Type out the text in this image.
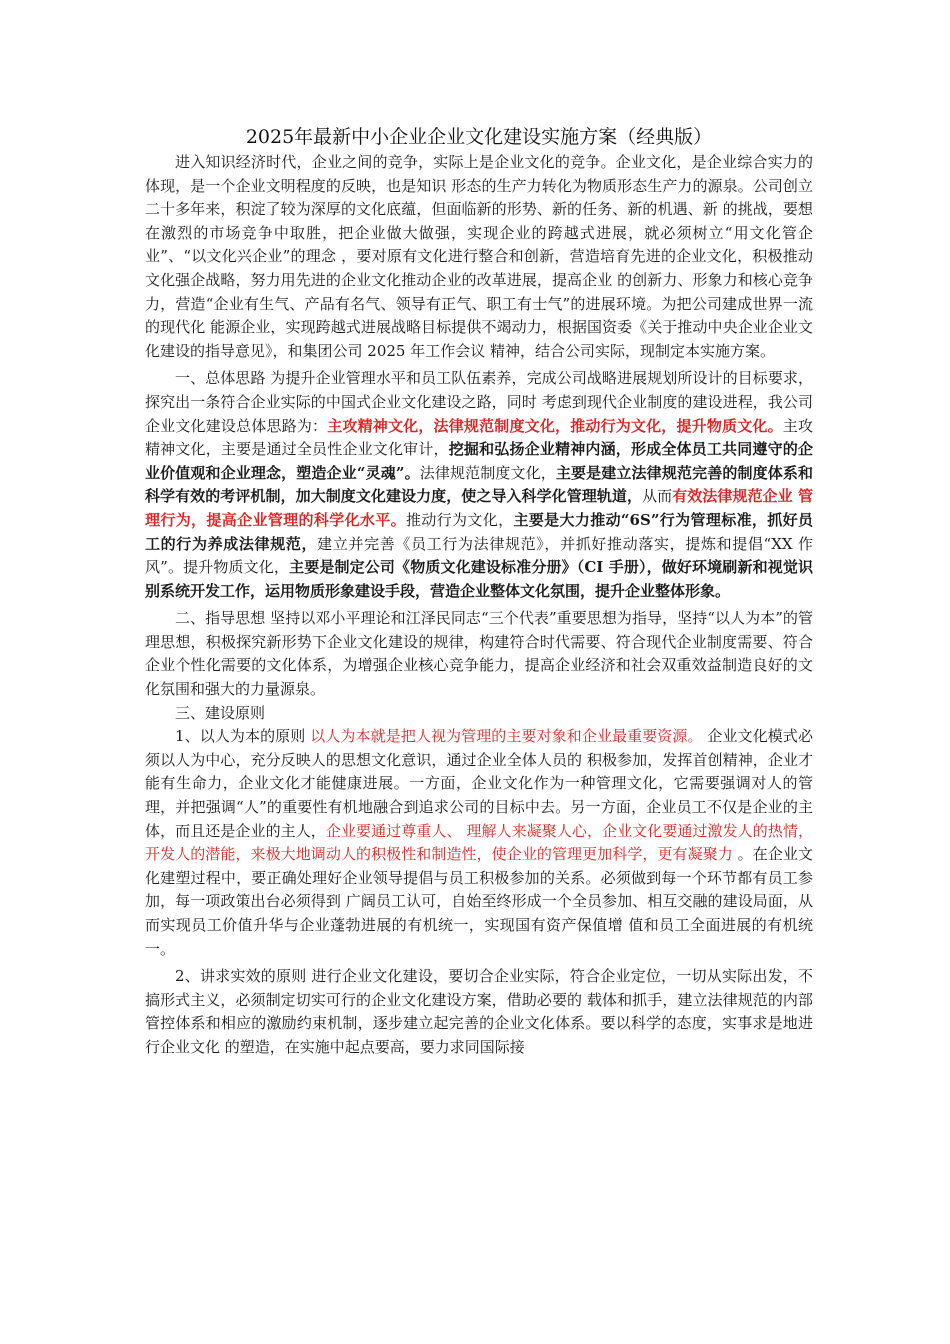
2025年最新中小企业企业文化建设实施方案（经典版）

进入知识经济时代，企业之间的竞争，实际上是企业文化的竞争。企业文化，是企业综合实力的体现，是一个企业文明程度的反映，也是知识 形态的生产力转化为物质形态生产力的源泉。公司创立二十多年来，积淀了较为深厚的文化底蕴，但面临新的形势、新的任务、新的机遇、新 的挑战，要想在激烈的市场竞争中取胜，把企业做大做强，实现企业的跨越式进展，就必须树立“用文化管企业”、“以文化兴企业”的理念 ，要对原有文化进行整合和创新，营造培育先进的企业文化，积极推动文化强企战略，努力用先进的企业文化推动企业的改革进展，提高企业 的创新力、形象力和核心竞争力，营造“企业有生气、产品有名气、领导有正气、职工有士气”的进展环境。为把公司建成世界一流的现代化 能源企业，实现跨越式进展战略目标提供不竭动力，根据国资委《关于推动中央企业企业文化建设的指导意见》，和集团公司 2025 年工作会议 精神，结合公司实际，现制定本实施方案。

一、总体思路 为提升企业管理水平和员工队伍素养，完成公司战略进展规划所设计的目标要求，探究出一条符合企业实际的中国式企业文化建设之路，同时 考虑到现代企业制度的建设进程，我公司企业文化建设总体思路为：主攻精神文化，法律规范制度文化，推动行为文化，提升物质文化。主攻精神文化，主要是通过全员性企业文化审计，挖掘和弘扬企业精神内涵，形成全体员工共同遵守的企业价值观和企业理念，塑造企业“灵魂”。法律规范制度文化，主要是建立法律规范完善的制度体系和科学有效的考评机制，加大制度文化建设力度，使之导入科学化管理轨道，从而有效法律规范企业 管理行为，提高企业管理的科学化水平。推动行为文化，主要是大力推动“6S”行为管理标准，抓好员工的行为养成法律规范，建立并完善《员工行为法律规范》，并抓好推动落实，提炼和提倡“XX 作风”。提升物质文化，主要是制定公司《物质文化建设标准分册》（CI 手册），做好环境刷新和视觉识别系统开发工作，运用物质形象建设手段，营造企业整体文化氛围，提升企业整体形象。

二、指导思想 坚持以邓小平理论和江泽民同志“三个代表”重要思想为指导，坚持“以人为本”的管理思想，积极探究新形势下企业文化建设的规律，构建符合时代需要、符合现代企业制度需要、符合企业个性化需要的文化体系，为增强企业核心竞争能力，提高企业经济和社会双重效益制造良好的文化氛围和强大的力量源泉。

三、建设原则

1、以人为本的原则 以人为本就是把人视为管理的主要对象和企业最重要资源。 企业文化模式必须以人为中心，充分反映人的思想文化意识，通过企业全体人员的 积极参加，发挥首创精神，企业才能有生命力，企业文化才能健康进展。一方面，企业文化作为一种管理文化，它需要强调对人的管理，并把强调“人”的重要性有机地融合到追求公司的目标中去。另一方面，企业员工不仅是企业的主体，而且还是企业的主人，企业要通过尊重人、 理解人来凝聚人心，企业文化要通过激发人的热情，开发人的潜能，来极大地调动人的积极性和制造性，使企业的管理更加科学，更有凝聚力 。在企业文化建塑过程中，要正确处理好企业领导提倡与员工积极参加的关系。必须做到每一个环节都有员工参加，每一项政策出台必须得到 广阔员工认可，自始至终形成一个全员参加、相互交融的建设局面，从而实现员工价值升华与企业蓬勃进展的有机统一，实现国有资产保值增 值和员工全面进展的有机统一。

2、讲求实效的原则 进行企业文化建设，要切合企业实际，符合企业定位，一切从实际出发，不搞形式主义，必须制定切实可行的企业文化建设方案，借助必要的 载体和抓手，建立法律规范的内部管控体系和相应的激励约束机制，逐步建立起完善的企业文化体系。要以科学的态度，实事求是地进行企业文化 的塑造，在实施中起点要高，要力求同国际接
